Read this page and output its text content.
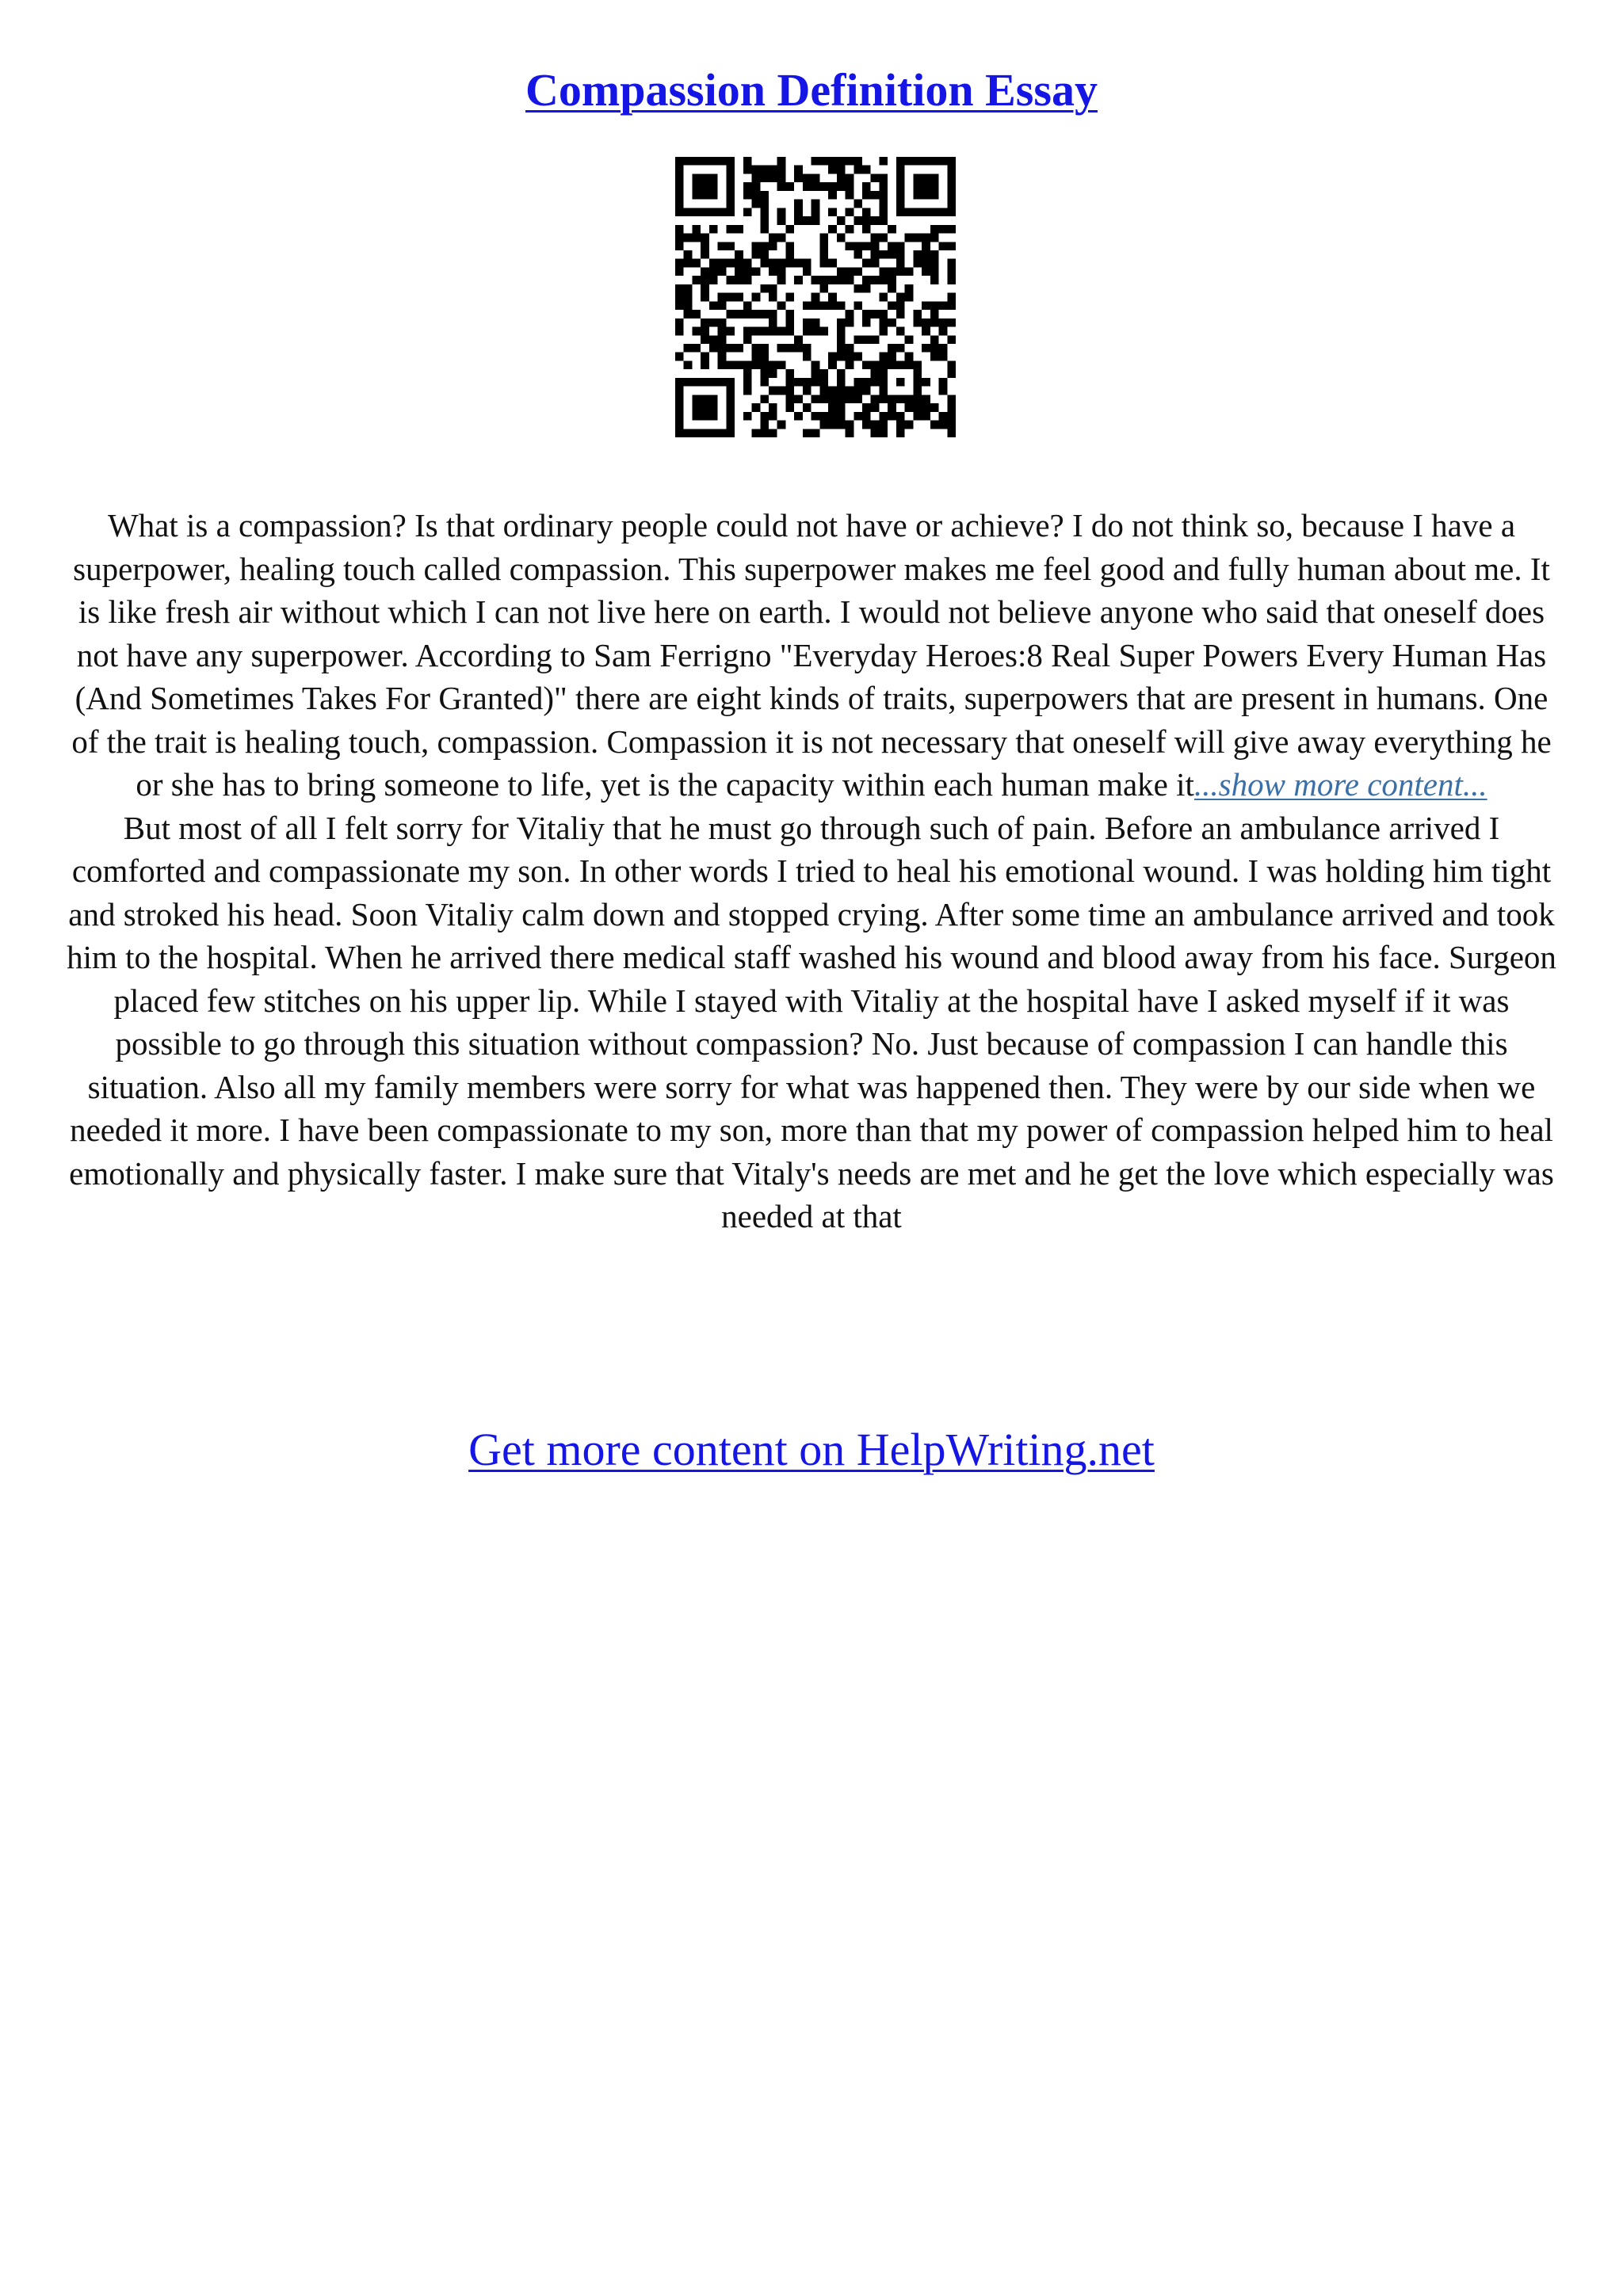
Compassion Definition Essay

What is a compassion? Is that ordinary people could not have or achieve? I do not think so, because I have a superpower, healing touch called compassion. This superpower makes me feel good and fully human about me. It is like fresh air without which I can not live here on earth. I would not believe anyone who said that oneself does not have any superpower. According to Sam Ferrigno "Everyday Heroes:8 Real Super Powers Every Human Has (And Sometimes Takes For Granted)" there are eight kinds of traits, superpowers that are present in humans. One of the trait is healing touch, compassion. Compassion it is not necessary that oneself will give away everything he or she has to bring someone to life, yet is the capacity within each human make it...show more content...

But most of all I felt sorry for Vitaliy that he must go through such of pain. Before an ambulance arrived I comforted and compassionate my son. In other words I tried to heal his emotional wound. I was holding him tight and stroked his head. Soon Vitaliy calm down and stopped crying. After some time an ambulance arrived and took him to the hospital. When he arrived there medical staff washed his wound and blood away from his face. Surgeon placed few stitches on his upper lip. While I stayed with Vitaliy at the hospital have I asked myself if it was possible to go through this situation without compassion? No. Just because of compassion I can handle this situation. Also all my family members were sorry for what was happened then. They were by our side when we needed it more. I have been compassionate to my son, more than that my power of compassion helped him to heal emotionally and physically faster. I make sure that Vitaly's needs are met and he get the love which especially was needed at that

Get more content on HelpWriting.net
